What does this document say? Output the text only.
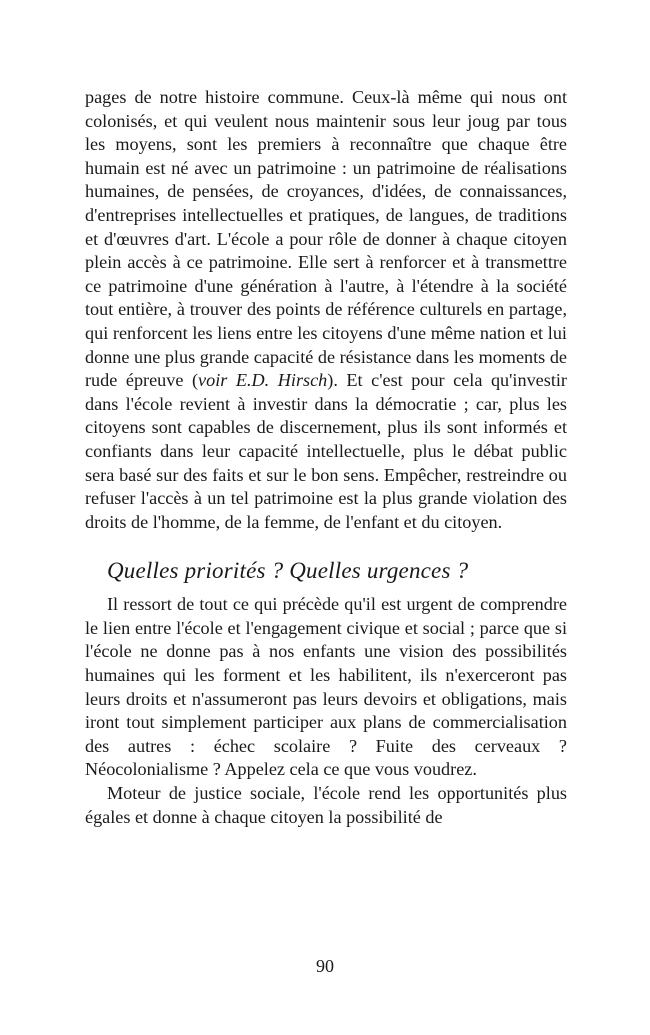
pages de notre histoire commune. Ceux-là même qui nous ont colonisés, et qui veulent nous maintenir sous leur joug par tous les moyens, sont les premiers à reconnaître que chaque être humain est né avec un patrimoine : un patrimoine de réalisations humaines, de pensées, de croyances, d'idées, de connaissances, d'entreprises intellectuelles et pratiques, de langues, de traditions et d'œuvres d'art. L'école a pour rôle de donner à chaque citoyen plein accès à ce patrimoine. Elle sert à renforcer et à transmettre ce patrimoine d'une génération à l'autre, à l'étendre à la société tout entière, à trouver des points de référence culturels en partage, qui renforcent les liens entre les citoyens d'une même nation et lui donne une plus grande capacité de résistance dans les moments de rude épreuve (voir E.D. Hirsch). Et c'est pour cela qu'investir dans l'école revient à investir dans la démocratie ; car, plus les citoyens sont capables de discernement, plus ils sont informés et confiants dans leur capacité intellectuelle, plus le débat public sera basé sur des faits et sur le bon sens. Empêcher, restreindre ou refuser l'accès à un tel patrimoine est la plus grande violation des droits de l'homme, de la femme, de l'enfant et du citoyen.

Quelles priorités ? Quelles urgences ?

Il ressort de tout ce qui précède qu'il est urgent de comprendre le lien entre l'école et l'engagement civique et social ; parce que si l'école ne donne pas à nos enfants une vision des possibilités humaines qui les forment et les habilitent, ils n'exerceront pas leurs droits et n'assumeront pas leurs devoirs et obligations, mais iront tout simplement participer aux plans de commercialisation des autres : échec scolaire ? Fuite des cerveaux ? Néocolonialisme ? Appelez cela ce que vous voudrez.

Moteur de justice sociale, l'école rend les opportunités plus égales et donne à chaque citoyen la possibilité de

90
